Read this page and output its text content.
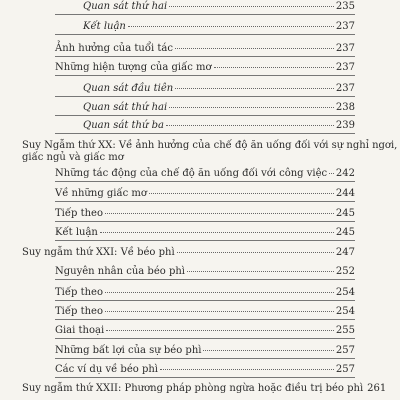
Quan sát thứ hai	235
Kết luận	237
Ảnh hưởng của tuổi tác	237
Những hiện tượng của giấc mơ	237
Quan sát đầu tiên	237
Quan sát thứ hai	238
Quan sát thứ ba	239
Suy Ngẫm thứ XX: Về ảnh hưởng của chế độ ăn uống đối với sự nghỉ ngơi,
giấc ngủ và giấc mơ
Những tác động của chế độ ăn uống đối với công việc 242
Về những giấc mơ	244
Tiếp theo	245
Kết luận	245
Suy ngẫm thứ XXI: Về béo phì	247
Nguyên nhân của béo phì	252
Tiếp theo	254
Tiếp theo	254
Giai thoại	255
Những bất lợi của sự béo phì	257
Các ví dụ về béo phì	257
Suy ngẫm thứ XXII: Phương pháp phòng ngừa hoặc điều trị béo phì 261
